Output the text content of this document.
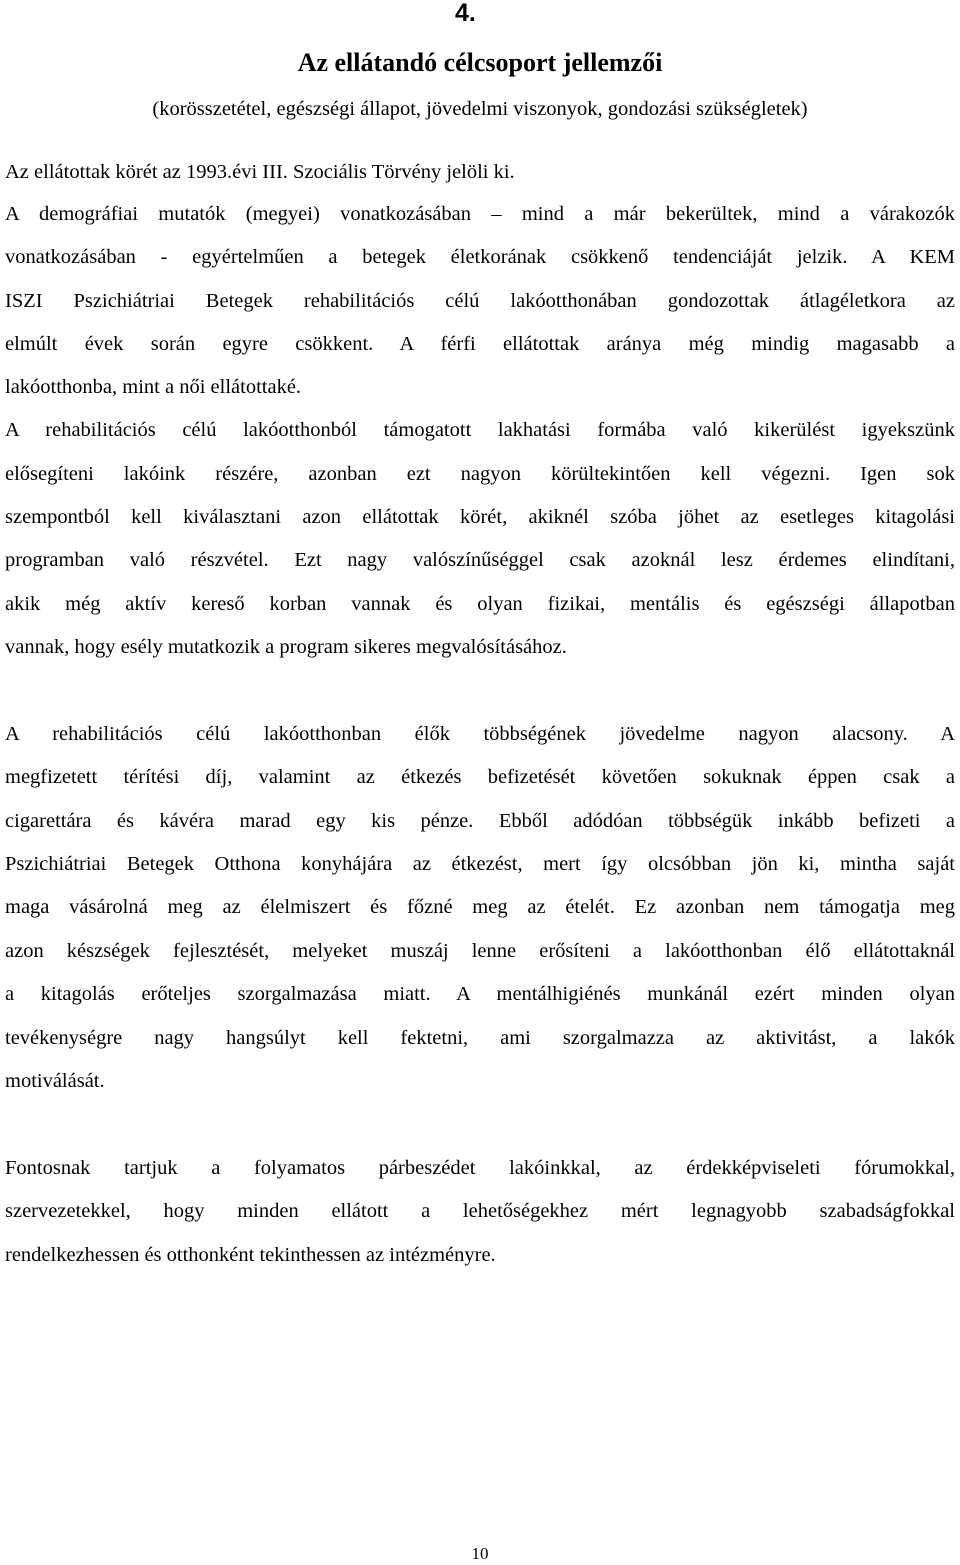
4.
Az ellátandó célcsoport jellemzői
(korösszetétel, egészségi állapot, jövedelmi viszonyok, gondozási szükségletek)
Az ellátottak körét az 1993.évi III. Szociális Törvény jelöli ki.
A demográfiai mutatók (megyei) vonatkozásában – mind a már bekerültek, mind a várakozók
vonatkozásában - egyértelműen a betegek életkorának csökkenő tendenciáját jelzik. A KEM
ISZI Pszichiátriai Betegek rehabilitációs célú lakóotthonában gondozottak átlagéletkora az
elmúlt évek során egyre csökkent. A férfi ellátottak aránya még mindig magasabb a
lakóotthonba, mint a női ellátottaké.
A rehabilitációs célú lakóotthonból támogatott lakhatási formába való kikerülést igyekszünk
elősegíteni lakóink részére, azonban ezt nagyon körültekintően kell végezni. Igen sok
szempontból kell kiválasztani azon ellátottak körét, akiknél szóba jöhet az esetleges kitagolási
programban való részvétel. Ezt nagy valószínűséggel csak azoknál lesz érdemes elindítani,
akik még aktív kereső korban vannak és olyan fizikai, mentális és egészségi állapotban
vannak, hogy esély mutatkozik a program sikeres megvalósításához.
A rehabilitációs célú lakóotthonban élők többségének jövedelme nagyon alacsony. A
megfizetett térítési díj, valamint az étkezés befizetését követően sokuknak éppen csak a
cigarettára és kávéra marad egy kis pénze. Ebből adódóan többségük inkább befizeti a
Pszichiátriai Betegek Otthona konyhájára az étkezést, mert így olcsóbban jön ki, mintha saját
maga vásárolná meg az élelmiszert és főzné meg az ételét. Ez azonban nem támogatja meg
azon készségek fejlesztését, melyeket muszáj lenne erősíteni a lakóotthonban élő ellátottaknál
a kitagolás erőteljes szorgalmazása miatt. A mentálhigiénés munkánál ezért minden olyan
tevékenységre nagy hangsúlyt kell fektetni, ami szorgalmazza az aktivitást, a lakók
motiválását.
Fontosnak tartjuk a folyamatos párbeszédet lakóinkkal, az érdekképviseleti fórumokkal,
szervezetekkel, hogy minden ellátott a lehetőségekhez mért legnagyobb szabadságfokkal
rendelkezhessen és otthonként tekinthessen az intézményre.
10
